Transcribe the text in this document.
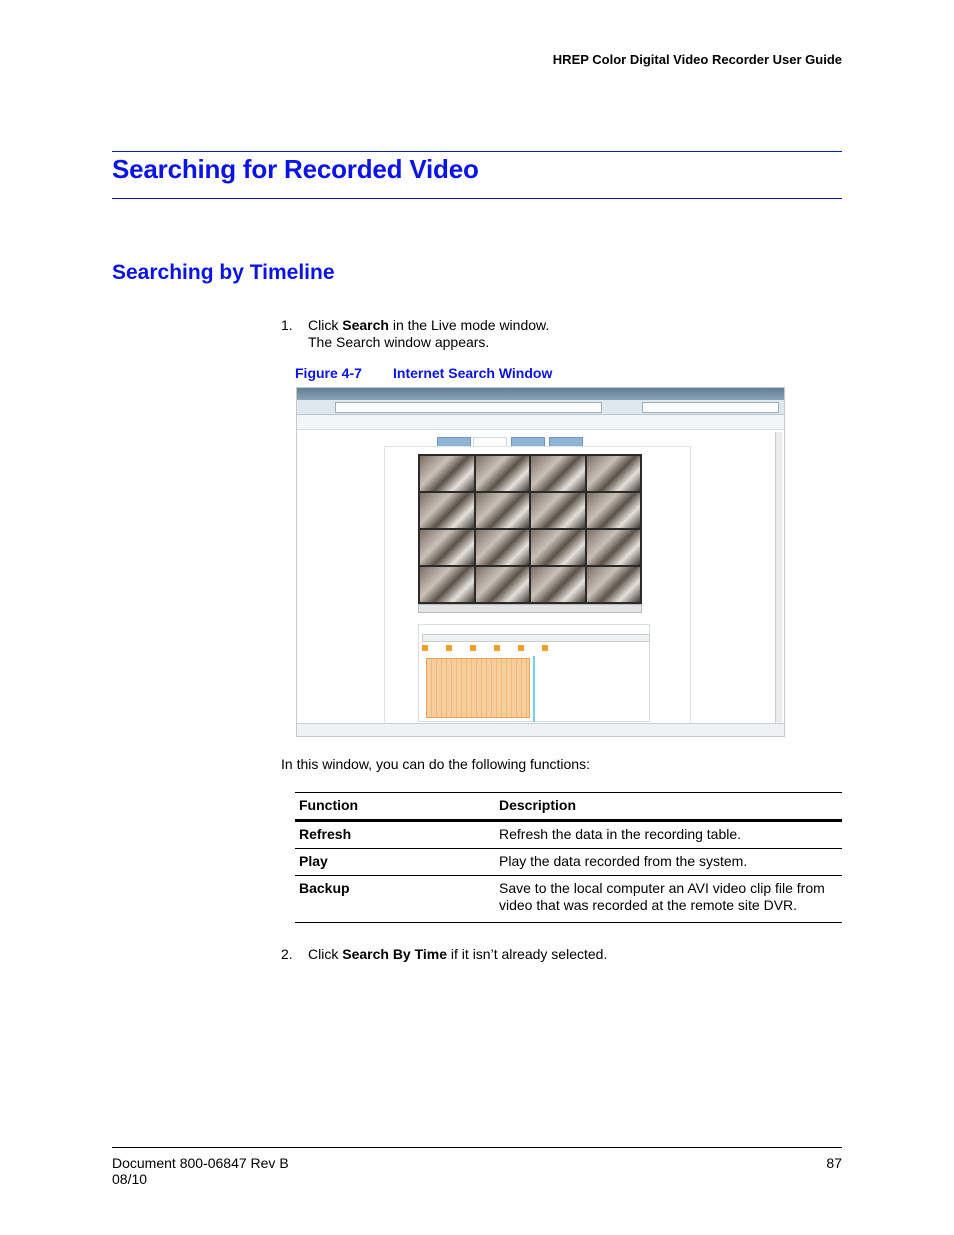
HREP Color Digital Video Recorder User Guide
Searching for Recorded Video
Searching by Timeline
1. Click Search in the Live mode window.
The Search window appears.
Figure 4-7 Internet Search Window
In this window, you can do the following functions:
Function	Description
Refresh	Refresh the data in the recording table.
Play	Play the data recorded from the system.
Backup	Save to the local computer an AVI video clip file from video that was recorded at the remote site DVR.
2. Click Search By Time if it isn’t already selected.
Document 800-06847 Rev B
08/10
87
